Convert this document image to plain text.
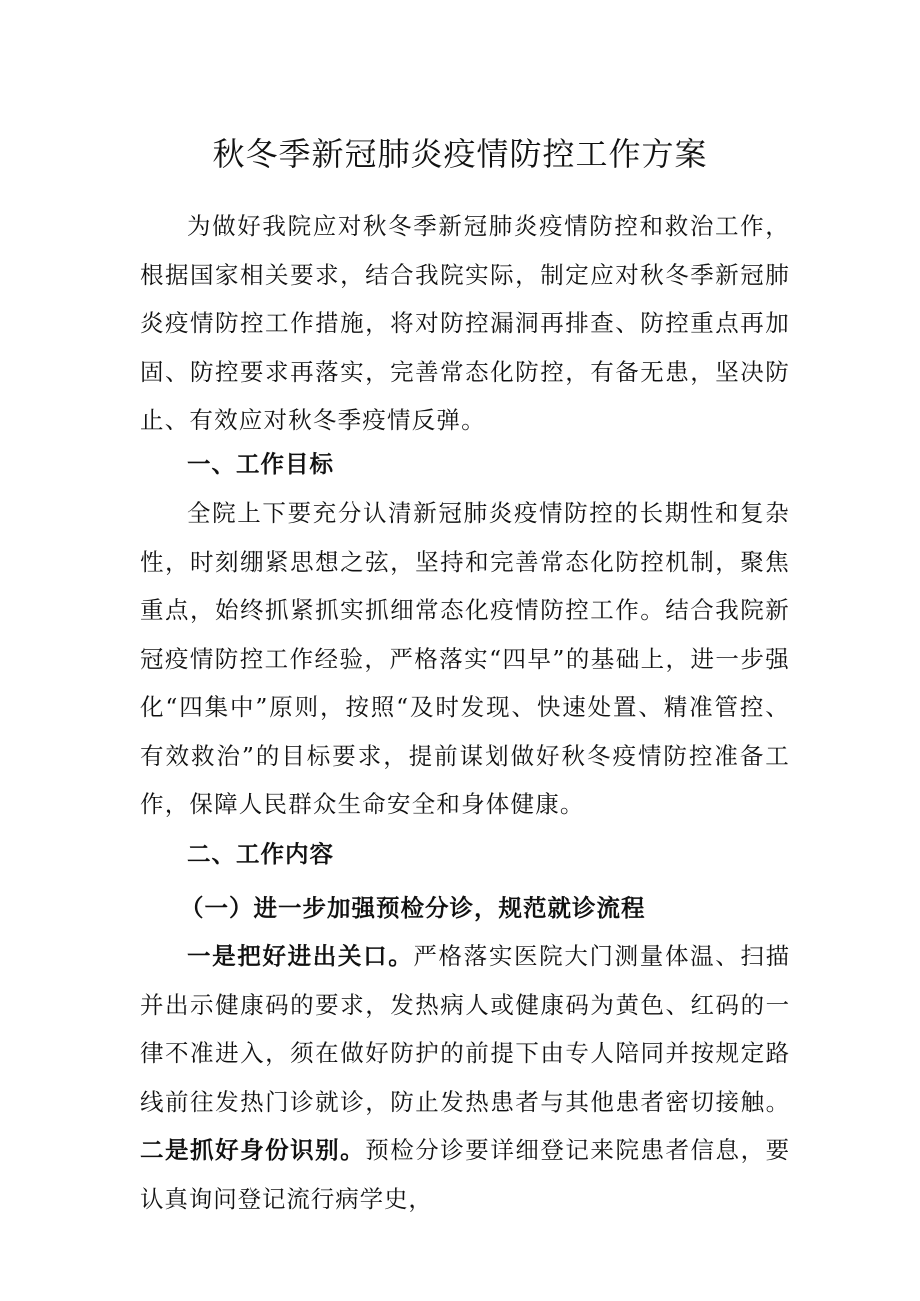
秋冬季新冠肺炎疫情防控工作方案

为做好我院应对秋冬季新冠肺炎疫情防控和救治工作，根据国家相关要求，结合我院实际，制定应对秋冬季新冠肺炎疫情防控工作措施，将对防控漏洞再排查、防控重点再加固、防控要求再落实，完善常态化防控，有备无患，坚决防止、有效应对秋冬季疫情反弹。

一、工作目标

全院上下要充分认清新冠肺炎疫情防控的长期性和复杂性，时刻绷紧思想之弦，坚持和完善常态化防控机制，聚焦重点，始终抓紧抓实抓细常态化疫情防控工作。结合我院新冠疫情防控工作经验，严格落实“四早”的基础上，进一步强化“四集中”原则，按照“及时发现、快速处置、精准管控、有效救治”的目标要求，提前谋划做好秋冬疫情防控准备工作，保障人民群众生命安全和身体健康。

二、工作内容

（一）进一步加强预检分诊，规范就诊流程

一是把好进出关口。严格落实医院大门测量体温、扫描并出示健康码的要求，发热病人或健康码为黄色、红码的一律不准进入，须在做好防护的前提下由专人陪同并按规定路线前往发热门诊就诊，防止发热患者与其他患者密切接触。二是抓好身份识别。预检分诊要详细登记来院患者信息，要认真询问登记流行病学史，
